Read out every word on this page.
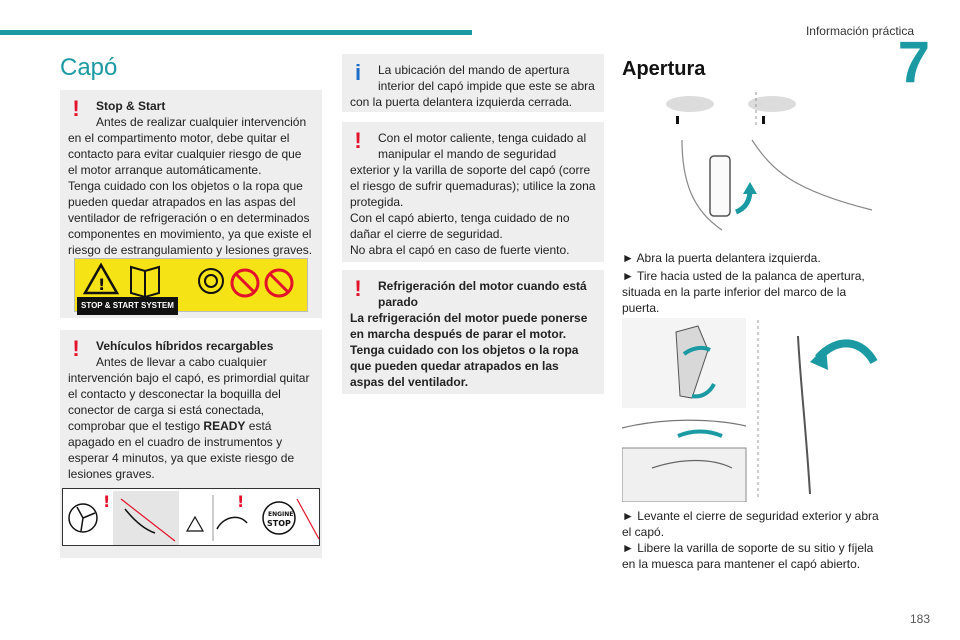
Información práctica
7
183
Capó
!	Stop & Start

Antes de realizar cualquier intervención

en el compartimento motor, debe quitar el contacto para evitar cualquier riesgo de que el motor arranque automáticamente.

Tenga cuidado con los objetos o la ropa que pueden quedar atrapados en las aspas del ventilador de refrigeración o en determinados componentes en movimiento, ya que existe el riesgo de estrangulamiento y lesiones graves.

!
STOP & START SYSTEM
!	Vehículos híbridos recargables

Antes de llevar a cabo cualquier

intervención bajo el capó, es primordial quitar el contacto y desconectar la boquilla del conector de carga si está conectada, comprobar que el testigo READY está apagado en el cuadro de instrumentos y esperar 4 minutos, ya que existe riesgo de lesiones graves.

!	!
ENGINE
STOP
i	La ubicación del mando de apertura

interior del capó impide que este se abra

con la puerta delantera izquierda cerrada.

!	Con el motor caliente, tenga cuidado al

manipular el mando de seguridad

exterior y la varilla de soporte del capó (corre el riesgo de sufrir quemaduras); utilice la zona protegida.

Con el capó abierto, tenga cuidado de no dañar el cierre de seguridad.

No abra el capó en caso de fuerte viento.

!	Refrigeración del motor cuando está

parado

La refrigeración del motor puede ponerse en marcha después de parar el motor. Tenga cuidado con los objetos o la ropa que pueden quedar atrapados en las aspas del ventilador.

Apertura
► Abra la puerta delantera izquierda.
► Tire hacia usted de la palanca de apertura, situada en la parte inferior del marco de la puerta.
► Levante el cierre de seguridad exterior y abra el capó.
► Libere la varilla de soporte de su sitio y fíjela en la muesca para mantener el capó abierto.
